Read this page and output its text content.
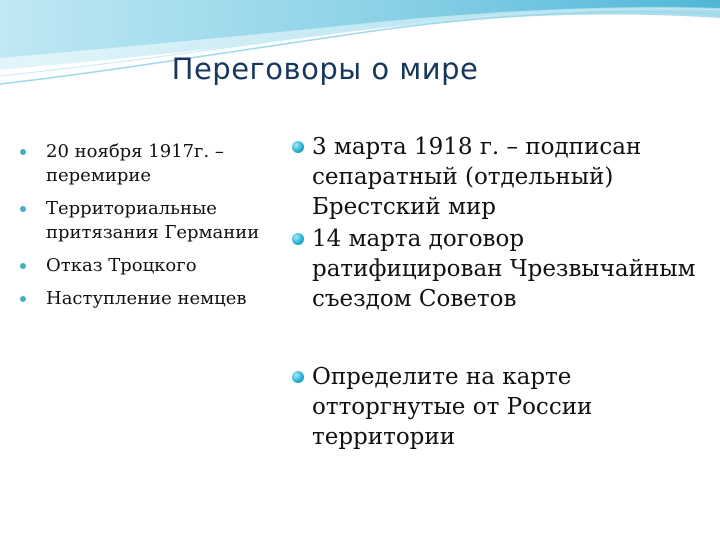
Переговоры о мире
20 ноября 1917г. – перемирие
Территориальные притязания Германии
Отказ Троцкого
Наступление немцев
3 марта 1918 г. – подписан сепаратный (отдельный) Брестский мир
14 марта договор ратифицирован Чрезвычайным съездом Советов
Определите на карте отторгнутые от России территории
